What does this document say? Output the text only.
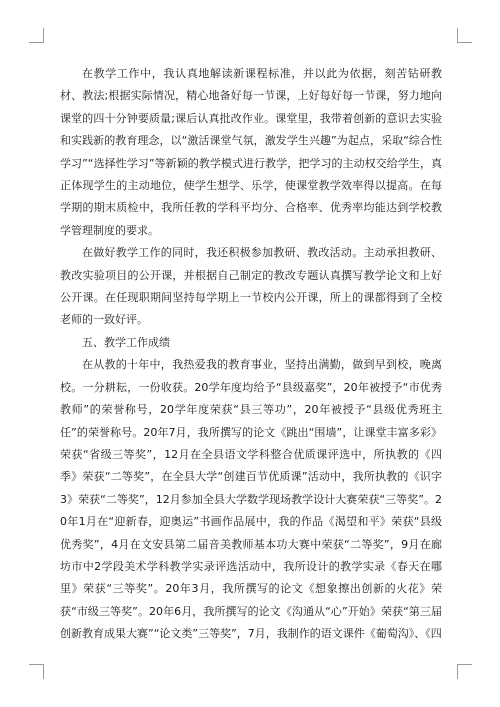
在教学工作中，我认真地解读新课程标准，并以此为依据，刻苦钻研教材、教法;根据实际情况，精心地备好每一节课，上好每好每一节课，努力地向课堂的四十分钟要质量;课后认真批改作业。课堂里，我带着创新的意识去实验和实践新的教育理念，以“激活课堂气氛，激发学生兴趣”为起点，采取“综合性学习”“选择性学习”等新颖的教学模式进行教学，把学习的主动权交给学生，真正体现学生的主动地位，使学生想学、乐学，使课堂教学效率得以提高。在每学期的期末质检中，我所任教的学科平均分、合格率、优秀率均能达到学校教学管理制度的要求。

在做好教学工作的同时，我还积极参加教研、教改活动。主动承担教研、教改实验项目的公开课，并根据自己制定的教改专题认真撰写教学论文和上好公开课。在任现职期间坚持每学期上一节校内公开课，所上的课都得到了全校老师的一致好评。

五、教学工作成绩

在从教的十年中，我热爱我的教育事业，坚持出满勤，做到早到校，晚离校。一分耕耘，一份收获。20学年度均给予“县级嘉奖”，20年被授予“市优秀教师”的荣誉称号，20学年度荣获“县三等功”，20年被授予“县级优秀班主任”的荣誉称号。20年7月，我所撰写的论文《跳出“围墙”，让课堂丰富多彩》荣获“省级三等奖”，12月在全县语文学科整合优质课评选中，所执教的《四季》荣获“二等奖”，在全县大学“创建百节优质课”活动中，我所执教的《识字3》荣获“二等奖”，12月参加全县大学数学现场教学设计大赛荣获“三等奖”。20年1月在“迎新春，迎奥运”书画作品展中，我的作品《渴望和平》荣获“县级优秀奖”，4月在文安县第二届音美教师基本功大赛中荣获“二等奖”，9月在廊坊市中2学段美术学科教学实录评选活动中，我所设计的教学实录《春天在哪里》荣获“三等奖”。20年3月，我所撰写的论文《想象擦出创新的火花》荣获“市级三等奖”。20年6月，我所撰写的论文《沟通从“心”开始》荣获“第三届创新教育成果大赛”“论文类”三等奖”，7月，我制作的语文课件《葡萄沟》、《四
